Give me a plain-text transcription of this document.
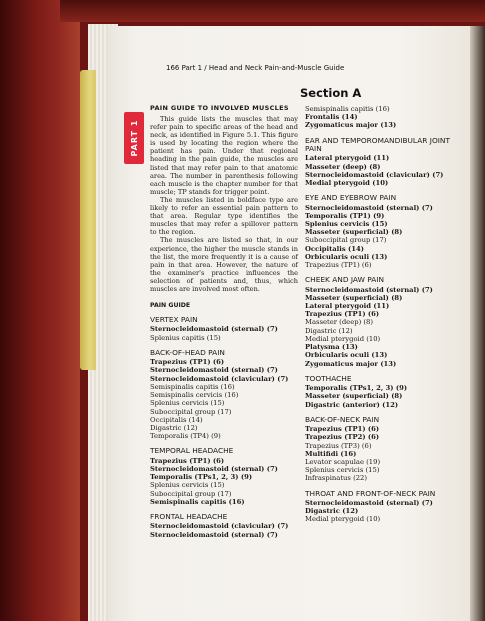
PART 1
166 Part 1 / Head and Neck Pain-and-Muscle Guide
Section A
PAIN GUIDE TO INVOLVED MUSCLES

This guide lists the muscles that may refer pain to specific areas of the head and neck, as identified in Figure 5.1. This figure is used by locating the region where the patient has pain. Under that regional heading in the pain guide, the muscles are listed that may refer pain to that anatomic area. The number in parenthesis following each muscle is the chapter number for that muscle; TP stands for trigger point.

The muscles listed in boldface type are likely to refer an essential pain pattern to that area. Regular type identifies the muscles that may refer a spillover pattern to the region.

The muscles are listed so that, in our experience, the higher the muscle stands in the list, the more frequently it is a cause of pain in that area. However, the nature of the examiner's practice influences the selection of patients and, thus, which muscles are involved most often.

PAIN GUIDE
VERTEX PAIN
Sternocleidomastoid (sternal) (7)
Splenius capitis (15)
BACK-OF-HEAD PAIN
Trapezius (TP1) (6)
Sternocleidomastoid (sternal) (7)
Sternocleidomastoid (clavicular) (7)
Semispinalis capitis (16)
Semispinalis cervicis (16)
Splenius cervicis (15)
Suboccipital group (17)
Occipitalis (14)
Digastric (12)
Temporalis (TP4) (9)
TEMPORAL HEADACHE
Trapezius (TP1) (6)
Sternocleidomastoid (sternal) (7)
Temporalis (TPs1, 2, 3) (9)
Splenius cervicis (15)
Suboccipital group (17)
Semispinalis capitis (16)
FRONTAL HEADACHE
Sternocleidomastoid (clavicular) (7)
Sternocleidomastoid (sternal) (7)
Semispinalis capitis (16)
Frontalis (14)
Zygomaticus major (13)
EAR AND TEMPOROMANDIBULAR JOINT PAIN
Lateral pterygoid (11)
Masseter (deep) (8)
Sternocleidomastoid (clavicular) (7)
Medial pterygoid (10)
EYE AND EYEBROW PAIN
Sternocleidomastoid (sternal) (7)
Temporalis (TP1) (9)
Splenius cervicis (15)
Masseter (superficial) (8)
Suboccipital group (17)
Occipitalis (14)
Orbicularis oculi (13)
Trapezius (TP1) (6)
CHEEK AND JAW PAIN
Sternocleidomastoid (sternal) (7)
Masseter (superficial) (8)
Lateral pterygoid (11)
Trapezius (TP1) (6)
Masseter (deep) (8)
Digastric (12)
Medial pterygoid (10)
Platysma (13)
Orbicularis oculi (13)
Zygomaticus major (13)
TOOTHACHE
Temporalis (TPs1, 2, 3) (9)
Masseter (superficial) (8)
Digastric (anterior) (12)
BACK-OF-NECK PAIN
Trapezius (TP1) (6)
Trapezius (TP2) (6)
Trapezius (TP3) (6)
Multifidi (16)
Levator scapulae (19)
Splenius cervicis (15)
Infraspinatus (22)
THROAT AND FRONT-OF-NECK PAIN
Sternocleidomastoid (sternal) (7)
Digastric (12)
Medial pterygoid (10)
